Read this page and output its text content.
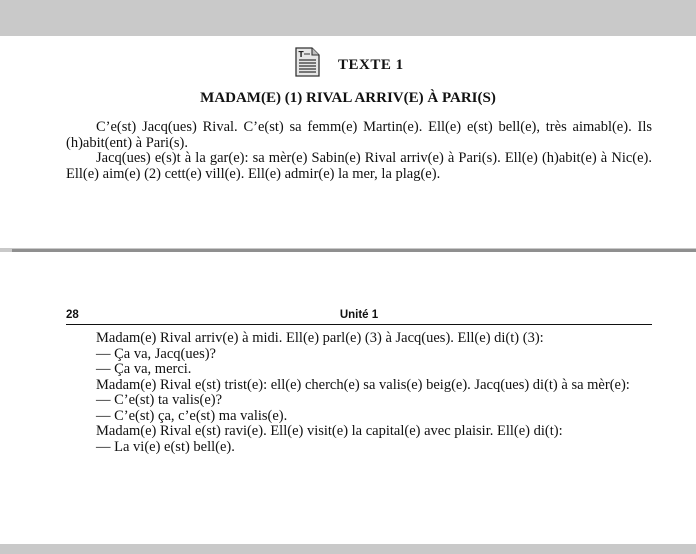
T
TEXTE 1
MADAM(E) (1) RIVAL ARRIV(E) À PARI(S)

C’e(st) Jacq(ues) Rival. C’e(st) sa femm(e) Martin(e). Ell(e) e(st) bell(e), très aimabl(e). Ils (h)abit(ent) à Pari(s).

Jacq(ues) e(s)t à la gar(e): sa mèr(e) Sabin(e) Rival arriv(e) à Pari(s). Ell(e) (h)abit(e) à Nic(e). Ell(e) aim(e) (2) cett(e) vill(e). Ell(e) admir(e) la mer, la plag(e).

28	Unité 1

Madam(e) Rival arriv(e) à midi. Ell(e) parl(e) (3) à Jacq(ues). Ell(e) di(t) (3):

— Ça va, Jacq(ues)?

— Ça va, merci.

Madam(e) Rival e(st) trist(e): ell(e) cherch(e) sa valis(e) beig(e). Jacq(ues) di(t) à sa mèr(e):

— C’e(st) ta valis(e)?

— C’e(st) ça, c’e(st) ma valis(e).

Madam(e) Rival e(st) ravi(e). Ell(e) visit(e) la capital(e) avec plaisir. Ell(e) di(t):

— La vi(e) e(st) bell(e).
